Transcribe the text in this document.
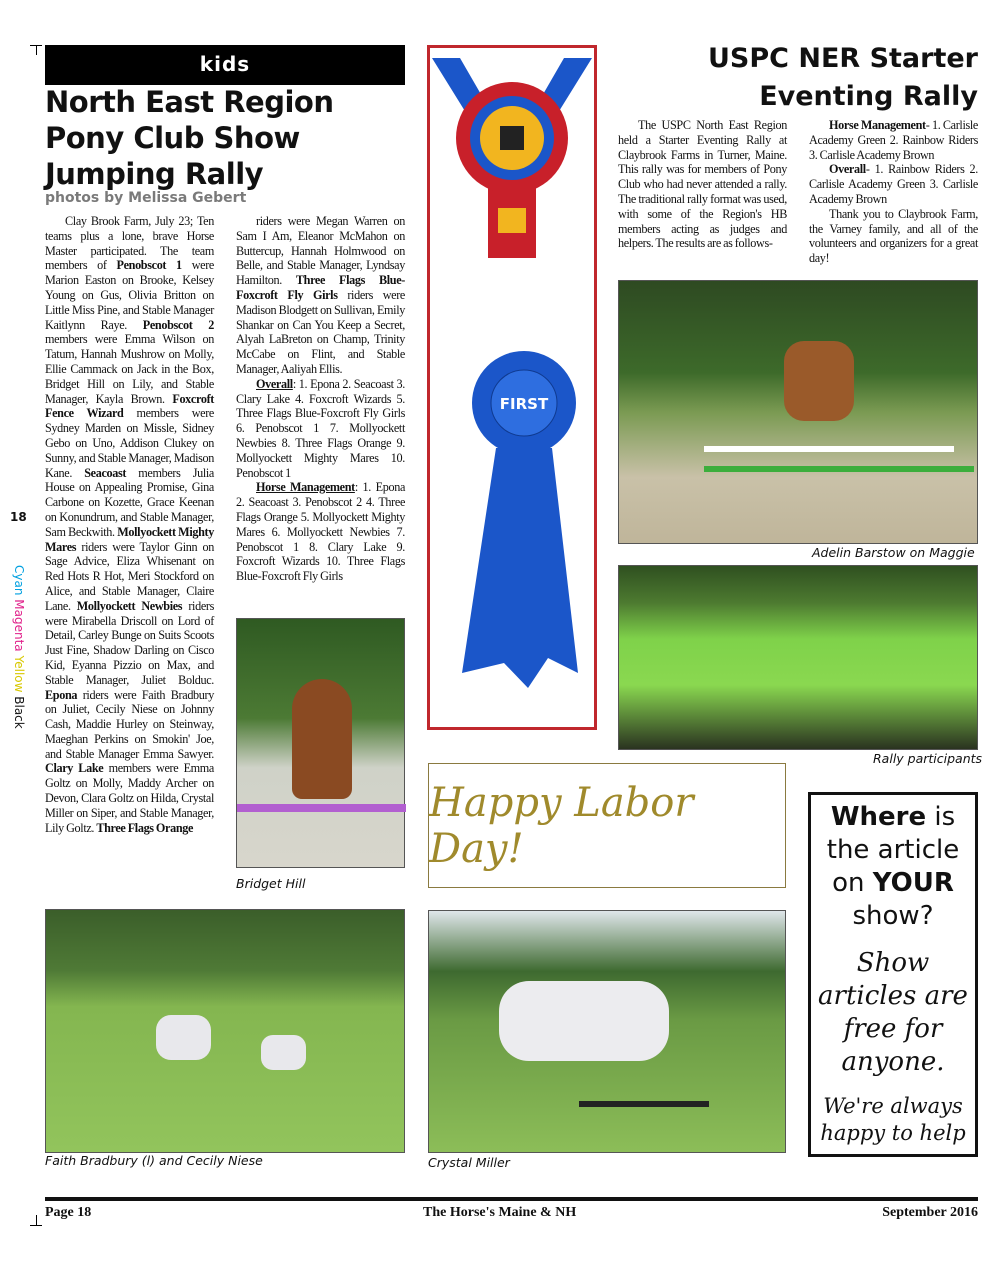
18
Cyan Magenta Yellow Black
kids
North East Region Pony Club Show Jumping Rally
photos by Melissa Gebert

Clay Brook Farm, July 23; Ten teams plus a lone, brave Horse Master participated. The team members of Penobscot 1 were Marion Easton on Brooke, Kelsey Young on Gus, Olivia Britton on Little Miss Pine, and Stable Manager Kaitlynn Raye. Penobscot 2 members were Emma Wilson on Tatum, Hannah Mushrow on Molly, Ellie Cammack on Jack in the Box, Bridget Hill on Lily, and Stable Manager, Kayla Brown. Foxcroft Fence Wizard members were Sydney Marden on Missle, Sidney Gebo on Uno, Addison Clukey on Sunny, and Stable Manager, Madison Kane. Seacoast members Julia House on Appealing Promise, Gina Carbone on Kozette, Grace Keenan on Konundrum, and Stable Manager, Sam Beckwith. Mollyockett Mighty Mares riders were Taylor Ginn on Sage Advice, Eliza Whisenant on Red Hots R Hot, Meri Stockford on Alice, and Stable Manager, Claire Lane. Mollyockett Newbies riders were Mirabella Driscoll on Lord of Detail, Carley Bunge on Suits Scoots Just Fine, Shadow Darling on Cisco Kid, Eyanna Pizzio on Max, and Stable Manager, Juliet Bolduc. Epona riders were Faith Bradbury on Juliet, Cecily Niese on Johnny Cash, Maddie Hurley on Steinway, Maeghan Perkins on Smokin' Joe, and Stable Manager Emma Sawyer. Clary Lake members were Emma Goltz on Molly, Maddy Archer on Devon, Clara Goltz on Hilda, Crystal Miller on Siper, and Stable Manager, Lily Goltz. Three Flags Orange

riders were Megan Warren on Sam I Am, Eleanor McMahon on Buttercup, Hannah Holmwood on Belle, and Stable Manager, Lyndsay Hamilton. Three Flags Blue-Foxcroft Fly Girls riders were Madison Blodgett on Sullivan, Emily Shankar on Can You Keep a Secret, Alyah LaBreton on Champ, Trinity McCabe on Flint, and Stable Manager, Aaliyah Ellis.

Overall: 1. Epona 2. Seacoast 3. Clary Lake 4. Foxcroft Wizards 5. Three Flags Blue-Foxcroft Fly Girls 6. Penobscot 1 7. Mollyockett Newbies 8. Three Flags Orange 9. Mollyockett Mighty Mares 10. Penobscot 1

Horse Management: 1. Epona 2. Seacoast 3. Penobscot 2 4. Three Flags Orange 5. Mollyockett Mighty Mares 6. Mollyockett Newbies 7. Penobscot 1 8. Clary Lake 9. Foxcroft Wizards 10. Three Flags Blue-Foxcroft Fly Girls

Bridget Hill
FIRST
USPC NER Starter Eventing Rally

The USPC North East Region held a Starter Eventing Rally at Claybrook Farms in Turner, Maine. This rally was for members of Pony Club who had never attended a rally. The traditional rally format was used, with some of the Region's HB members acting as judges and helpers. The results are as follows-

Horse Management- 1. Carlisle Academy Green 2. Rainbow Riders 3. Carlisle Academy Brown

Overall- 1. Rainbow Riders 2. Carlisle Academy Green 3. Carlisle Academy Brown

Thank you to Claybrook Farm, the Varney family, and all of the volunteers and organizers for a great day!

Adelin Barstow on Maggie
Rally participants
Happy Labor Day!
Where is
the article
on YOUR
show?
Show articles are free for anyone.
We're always happy to help
Faith Bradbury (l) and Cecily Niese	Crystal Miller
Page 18	The Horse's Maine & NH	September 2016
